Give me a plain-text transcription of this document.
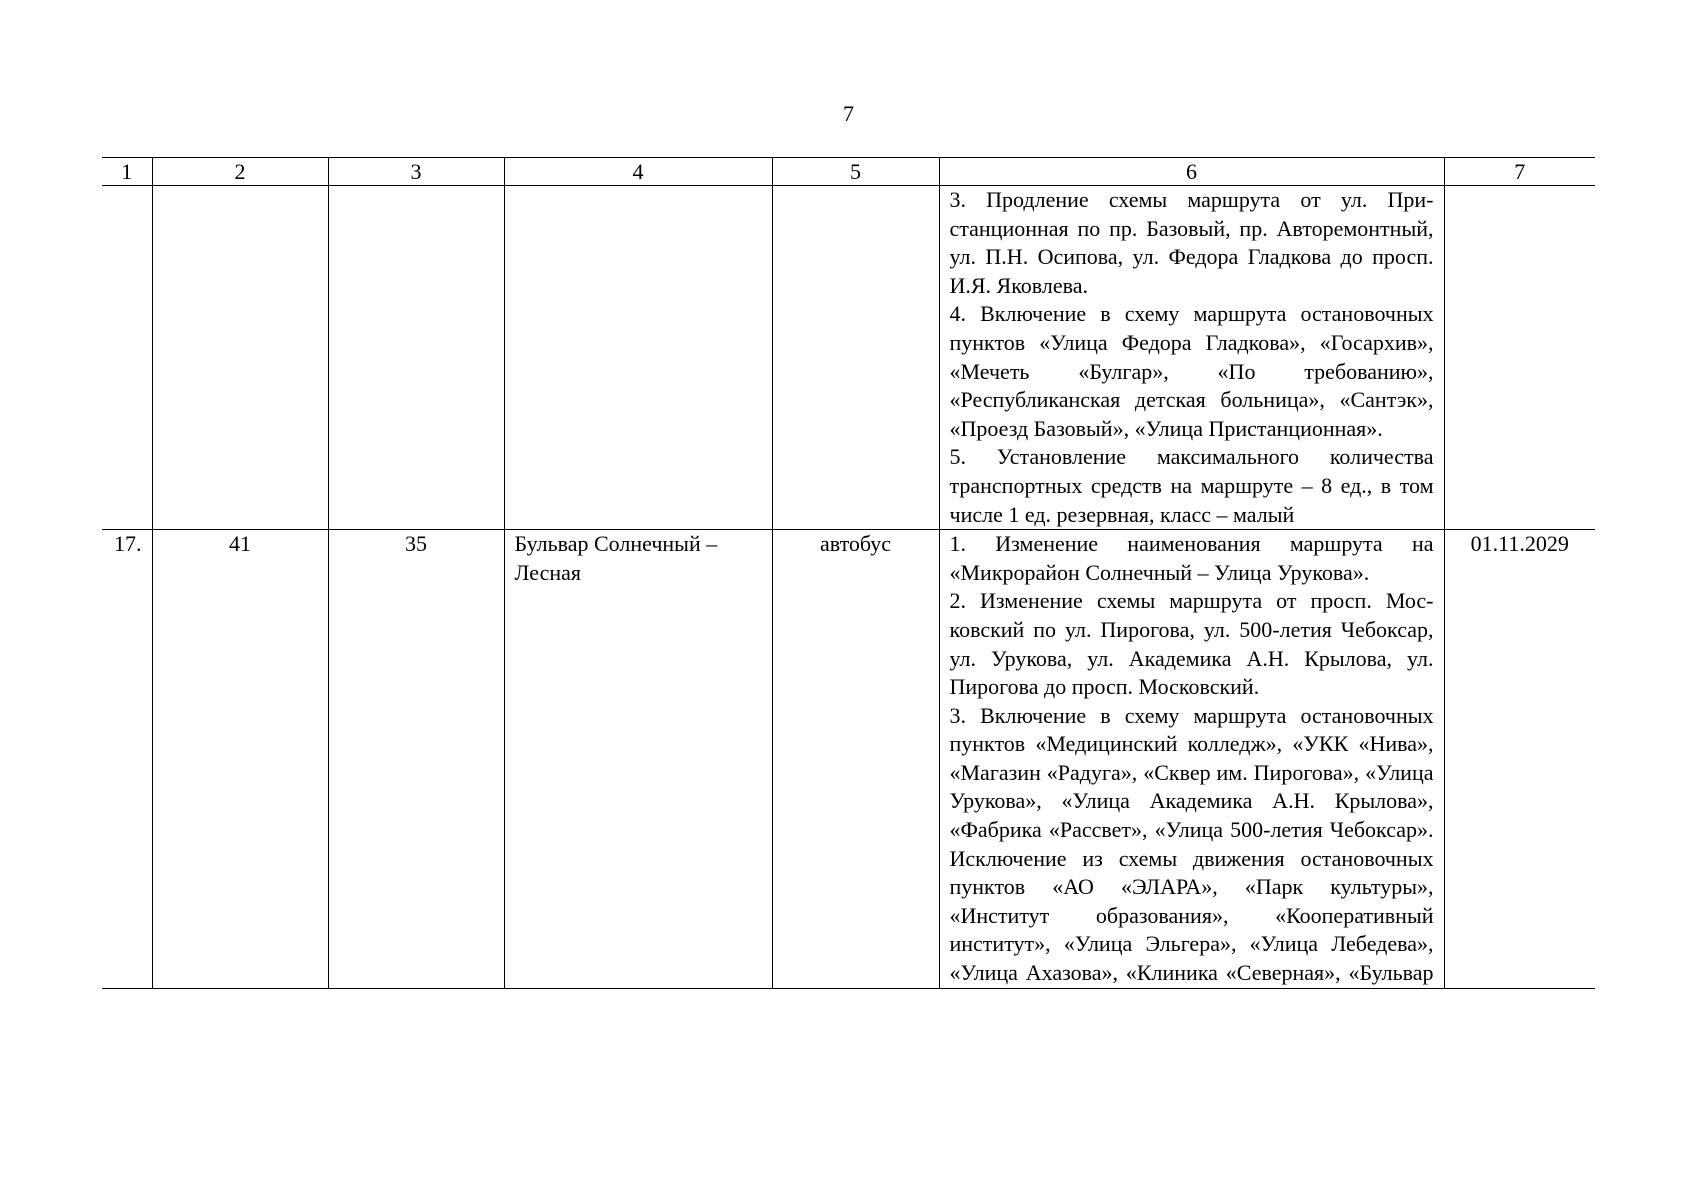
7
1	2	3	4	5	6	7

					3. Продление схемы маршрута от ул. Пристанционная по пр. Базовый, пр. Авторемонтный, ул. П.Н. Осипова, ул. Федора Гладкова до просп. И.Я. Яковлева.

4. Включение в схему маршрута остановочных пунктов «Улица Федора Гладкова», «Госархив», «Мечеть «Булгар», «По требованию», «Республиканская детская больница», «Сантэк», «Проезд Базовый», «Улица Пристанционная».

5. Установление максимального количества транспортных средств на маршруте – 8 ед., в том числе 1 ед. резервная, класс – малый	

17.	41	35	Бульвар Солнечный – Лесная	автобус	1. Изменение наименования маршрута на «Микрорайон Солнечный – Улица Урукова».

2. Изменение схемы маршрута от просп. Московский по ул. Пирогова, ул. 500-летия Чебоксар, ул. Урукова, ул. Академика А.Н. Крылова, ул. Пирогова до просп. Московский.

3. Включение в схему маршрута остановочных пунктов «Медицинский колледж», «УКК «Нива», «Магазин «Радуга», «Сквер им. Пирогова», «Улица Урукова», «Улица Академика А.Н. Крылова», «Фабрика «Рассвет», «Улица 500-летия Чебоксар». Исключение из схемы движения остановочных пунктов «АО «ЭЛАРА», «Парк культуры», «Институт образования», «Кооперативный институт», «Улица Эльгера», «Улица Лебедева», «Улица Ахазова», «Клиника «Северная», «Бульвар	01.11.2029
